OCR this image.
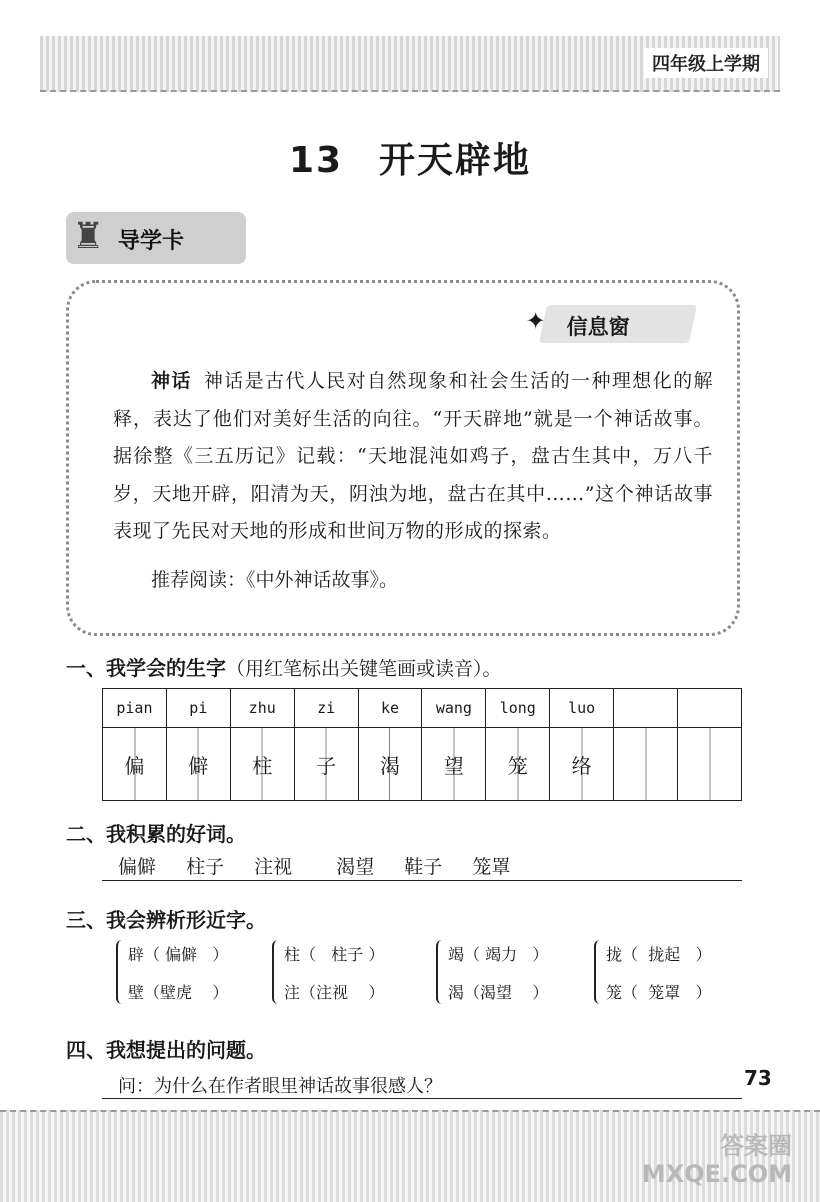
四年级上学期
13 开天辟地
♜ 导学卡
✦ 信息窗
神话 神话是古代人民对自然现象和社会生活的一种理想化的解释，表达了他们对美好生活的向往。“开天辟地”就是一个神话故事。据徐整《三五历记》记载：“天地混沌如鸡子，盘古生其中，万八千岁，天地开辟，阳清为天，阴浊为地，盘古在其中……”这个神话故事表现了先民对天地的形成和世间万物的形成的探索。
推荐阅读：《中外神话故事》。
一、我学会的生字（用红笔标出关键笔画或读音）。
pian	pi	zhu	zi	ke	wang	long	luo		
偏	僻	柱	子	渴	望	笼	络		
二、我积累的好词。
偏僻 柱子 注视 渴望 鞋子 笼罩
三、我会辨析形近字。
辟（ 偏僻   ）
壁（壁虎    ）
柱（   柱子 ）
注（注视    ）
竭（ 竭力   ）
渴（渴望    ）
拢（  拢起   ）
笼（  笼罩   ）
四、我想提出的问题。
问：为什么在作者眼里神话故事很感人？	73
答案圈
MXQE.COM
